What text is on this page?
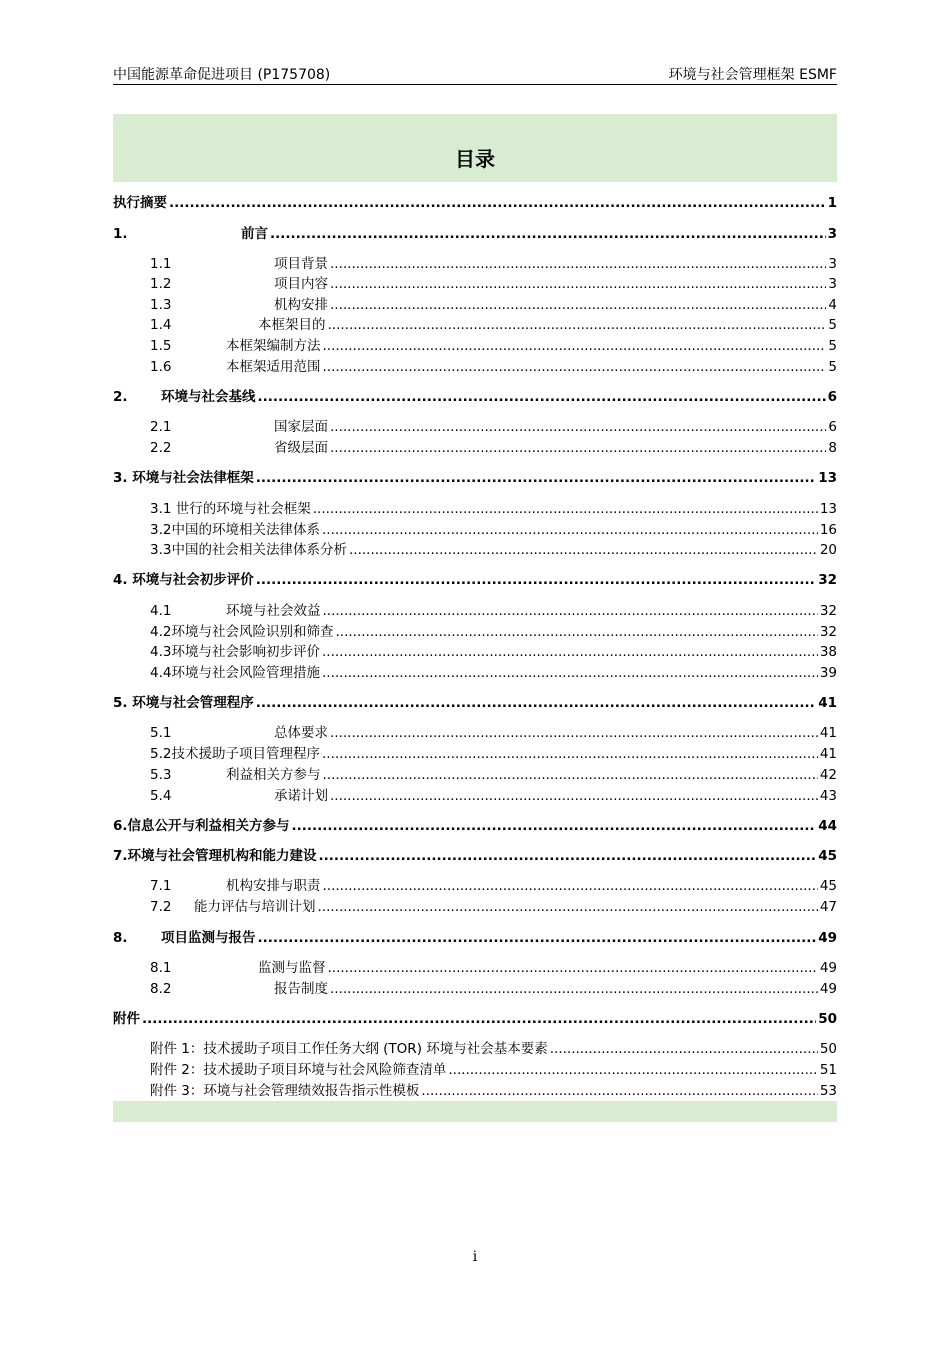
中国能源革命促进项目 (P175708)	环境与社会管理框架 ESMF
目录
执行摘要 .....	1
1.	前言 .....	3
1.1	项目背景 .....	3
1.2	项目内容 .....	3
1.3	机构安排 .....	4
1.4	本框架目的 .....	5
1.5	本框架编制方法 .....	5
1.6	本框架适用范围 .....	5
2. 环境与社会基线 .....	6
2.1	国家层面 .....	6
2.2	省级层面 .....	8
3. 环境与社会法律框架 .....	13
3.1 世行的环境与社会框架 .....	13
3.2中国的环境相关法律体系 .....	16
3.3中国的社会相关法律体系分析 .....	20
4. 环境与社会初步评价 .....	32
4.1	环境与社会效益 .....	32
4.2环境与社会风险识别和筛查 .....	32
4.3环境与社会影响初步评价 .....	38
4.4环境与社会风险管理措施 .....	39
5. 环境与社会管理程序 .....	41
5.1	总体要求 .....	41
5.2技术援助子项目管理程序 .....	41
5.3	利益相关方参与 .....	42
5.4	承诺计划 .....	43
6.信息公开与利益相关方参与 .....	44
7.环境与社会管理机构和能力建设 .....	45
7.1	机构安排与职责 .....	45
7.2 能力评估与培训计划 .....	47
8. 项目监测与报告 .....	49
8.1	监测与监督 .....	49
8.2	报告制度 .....	49
附件 .....	50
附件 1：技术援助子项目工作任务大纲 (TOR) 环境与社会基本要素 .....	50
附件 2：技术援助子项目环境与社会风险筛查清单 .....	51
附件 3：环境与社会管理绩效报告指示性模板 .....	53
i
